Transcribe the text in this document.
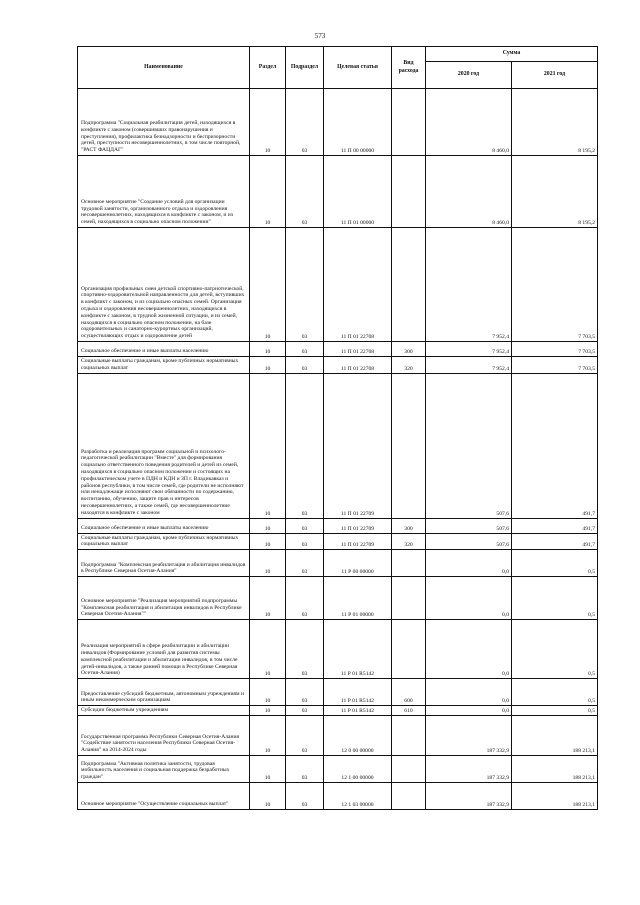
573
Наименование	Раздел	Подраздел	Целевая статья	Вид расхода	Сумма	
					2020 год	2021 год
Подпрограмма "Социальная реабилитация детей, находящихся в конфликте с законом (совершивших правонарушения и преступления), профилактика безнадзорности и беспризорности детей, преступности несовершеннолетних, в том числе повторной, "РАСТ ФАЦДАГ"	10	03	11 П 00 00000		8 460,0	8 195,2
Основное мероприятие "Создание условий для организации трудовой занятости, организованного отдыха и оздоровления несовершеннолетних, находящихся в конфликте с законом, и из семей, находящихся в социально опасном положении"	10	03	11 П 01 00000		8 460,0	8 195,2
Организация профильных смен детской спортивно-патриотической, спортивно-оздоровительной направленности для детей, вступивших в конфликт с законом, и из социально опасных семей. Организация отдыха и оздоровления несовершеннолетних, находящихся в конфликте с законом, в трудной жизненной ситуации, и из семей, находящихся в социально опасном положении, на базе оздоровительных и санаторно-курортных организаций, осуществляющих отдых и оздоровление детей	10	03	11 П 01 22708		7 952,4	7 703,5
Социальное обеспечение и иные выплаты населению	10	03	11 П 01 22708	300	7 952,4	7 703,5
Социальные выплаты гражданам, кроме публичных нормативных социальных выплат	10	03	11 П 01 22708	320	7 952,4	7 703,5
Разработка и реализация программ социальной и психолого-педагогической реабилитации "Вместе" для формирования социально ответственного поведения родителей и детей из семей, находящихся в социально опасном положении и состоящих на профилактическом учете в ПДН и КДН и ЗП г. Владикавказ и районов республики, в том числе семей, где родители не исполняют или ненадлежаще исполняют свои обязанности по содержанию, воспитанию, обучению, защите прав и интересов несовершеннолетних, а также семей, где несовершеннолетние находятся в конфликте с законом	10	03	11 П 01 22709		507,6	491,7
Социальное обеспечение и иные выплаты населению	10	03	11 П 01 22709	300	507,6	491,7
Социальные выплаты гражданам, кроме публичных нормативных социальных выплат	10	03	11 П 01 22709	320	507,6	491,7
Подпрограмма "Комплексная реабилитация и абилитация инвалидов в Республике Северная Осетия-Алания"	10	03	11 Р 00 00000		0,0	0,5
Основное мероприятие "Реализация мероприятий подпрограммы "Комплексная реабилитация и абилитация инвалидов в Республике Северная Осетия-Алания""	10	03	11 Р 01 00000		0,0	0,5
Реализация мероприятий в сфере реабилитации и абилитации инвалидов (Формирование условий для развития системы комплексной реабилитации и абилитации инвалидов, в том числе детей-инвалидов, а также ранней помощи в Республике Северная Осетия-Алания)	10	03	11 Р 01 R5142		0,0	0,5
Предоставление субсидий бюджетным, автономным учреждениям и иным некоммерческим организациям	10	03	11 Р 01 R5142	600	0,0	0,5
Субсидии бюджетным учреждениям	10	03	11 Р 01 R5142	610	0,0	0,5
Государственная программа Республики Северная Осетия-Алания "Содействие занятости населения Республики Северная Осетия-Алания" на 2014-2024 годы	10	03	12 0 00 00000		187 332,9	188 213,1
Подпрограмма "Активная политика занятости, трудовая мобильность населения и социальная поддержка безработных граждан"	10	03	12 1 00 00000		187 332,9	188 213,1
Основное мероприятие "Осуществление социальных выплат"	10	03	12 1 03 00000		187 332,9	188 213,1
